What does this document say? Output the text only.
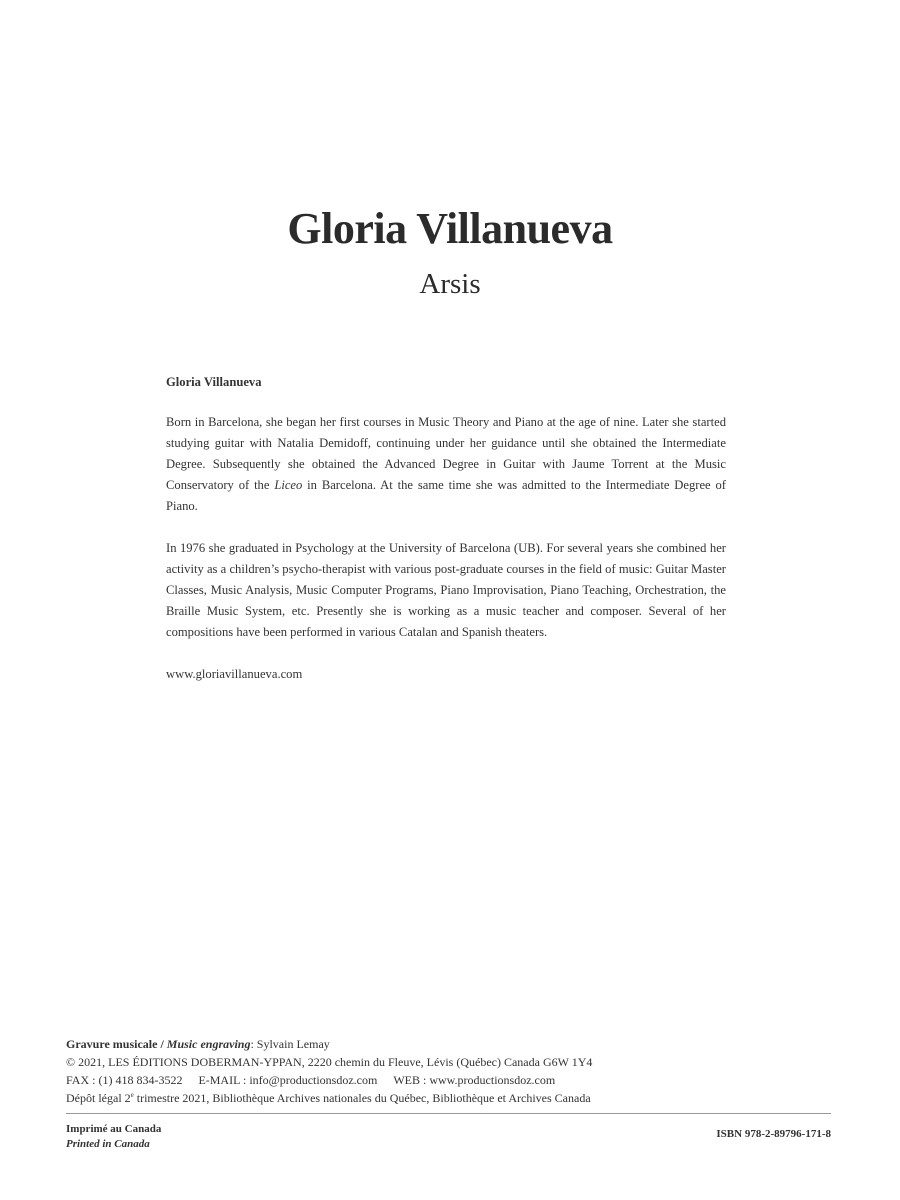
Gloria Villanueva
Arsis
Gloria Villanueva

Born in Barcelona, she began her first courses in Music Theory and Piano at the age of nine. Later she started studying guitar with Natalia Demidoff, continuing under her guidance until she obtained the Intermediate Degree. Subsequently she obtained the Advanced Degree in Guitar with Jaume Torrent at the Music Conservatory of the Liceo in Barcelona. At the same time she was admitted to the Intermediate Degree of Piano.

In 1976 she graduated in Psychology at the University of Barcelona (UB). For several years she combined her activity as a children’s psycho-therapist with various post-graduate courses in the field of music: Guitar Master Classes, Music Analysis, Music Computer Programs, Piano Improvisation, Piano Teaching, Orchestration, the Braille Music System, etc. Presently she is working as a music teacher and composer. Several of her compositions have been performed in various Catalan and Spanish theaters.

www.gloriavillanueva.com
Gravure musicale / Music engraving: Sylvain Lemay
© 2021, LES ÉDITIONS DOBERMAN-YPPAN, 2220 chemin du Fleuve, Lévis (Québec) Canada G6W 1Y4
FAX : (1) 418 834-3522 E-MAIL : info@productionsdoz.com WEB : www.productionsdoz.com
Dépôt légal 2e trimestre 2021, Bibliothèque Archives nationales du Québec, Bibliothèque et Archives Canada
Imprimé au Canada
Printed in Canada
ISBN 978-2-89796-171-8
